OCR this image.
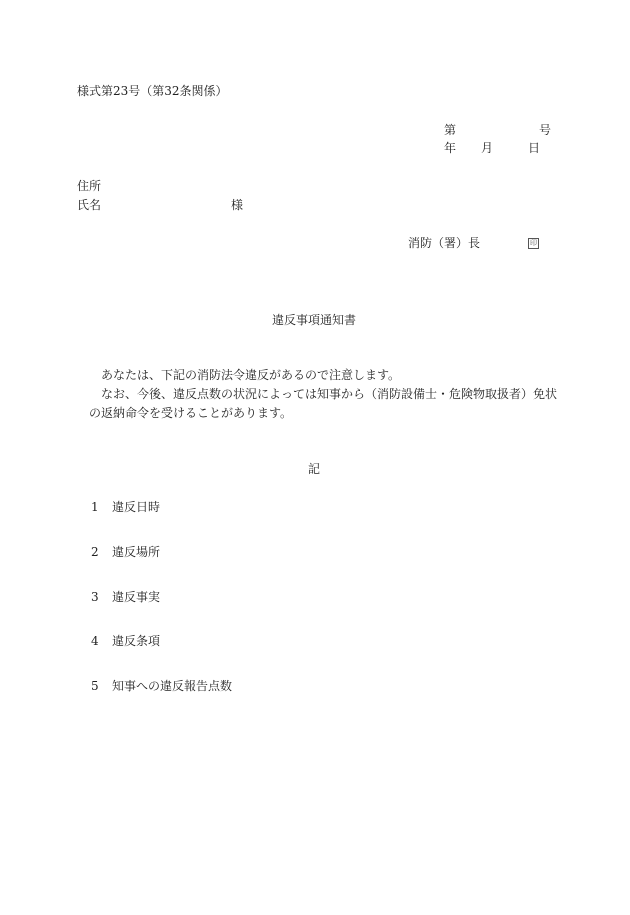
様式第23号（第32条関係）
第	号
年 月	日
住所
氏名	様
消防（署）長	印
違反事項通知書
あなたは、下記の消防法令違反があるので注意します。
なお、今後、違反点数の状況によっては知事から（消防設備士・危険物取扱者）免状
の返納命令を受けることがあります。
記
1 違反日時
2 違反場所
3 違反事実
4 違反条項
5 知事への違反報告点数
